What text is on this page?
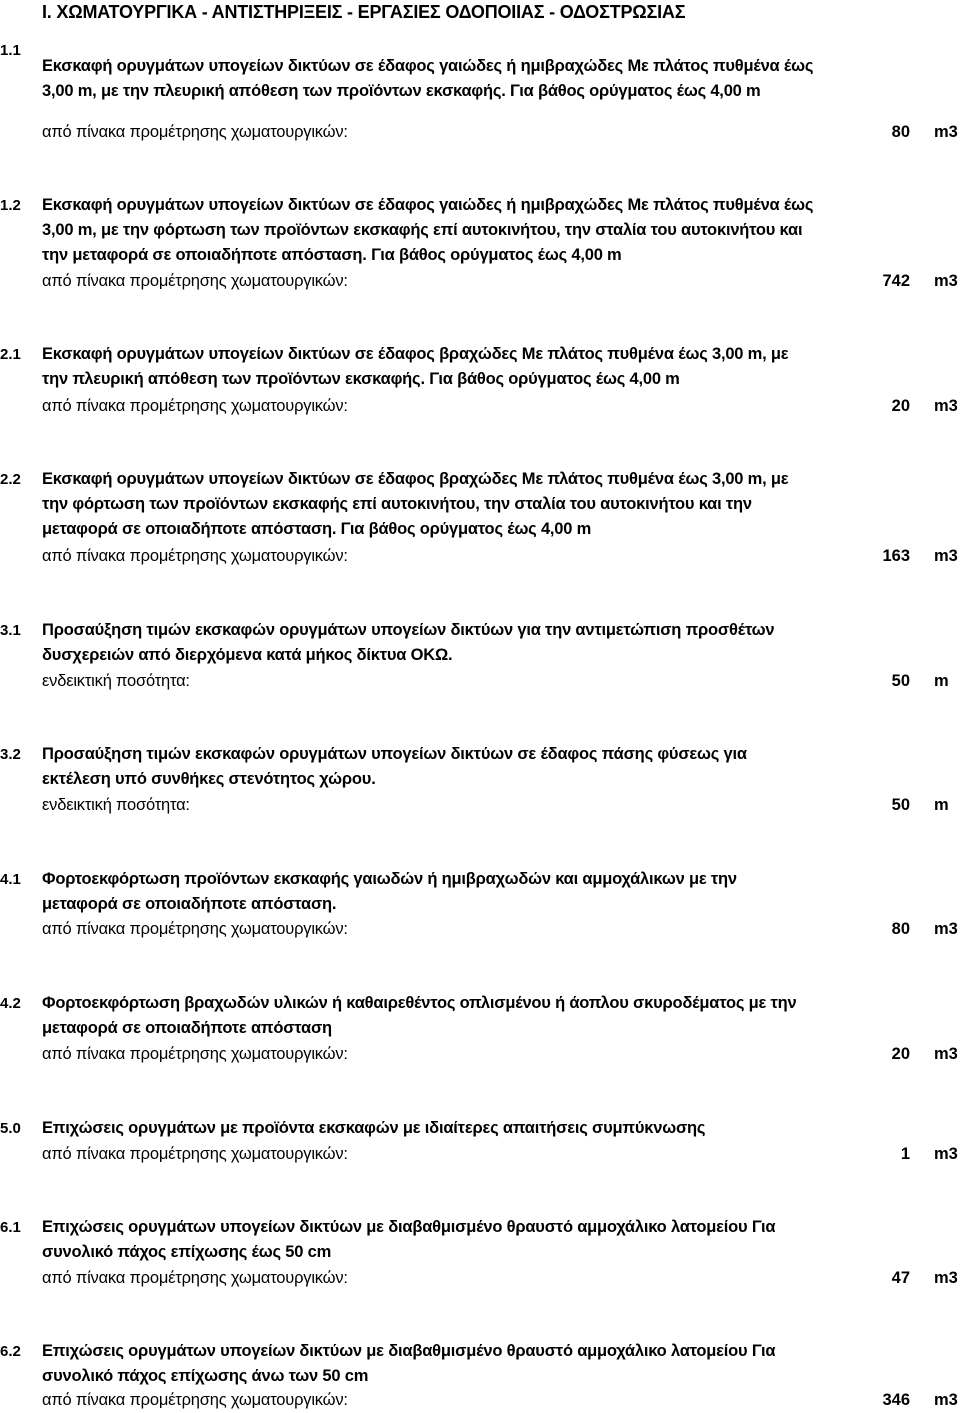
I. ΧΩΜΑΤΟΥΡΓΙΚΑ - ΑΝΤΙΣΤΗΡΙΞΕΙΣ - ΕΡΓΑΣΙΕΣ ΟΔΟΠΟΙΙΑΣ - ΟΔΟΣΤΡΩΣΙΑΣ
1.1
Εκσκαφή ορυγμάτων υπογείων δικτύων σε έδαφος γαιώδες ή ημιβραχώδες Με πλάτος πυθμένα έως
3,00 m, με την πλευρική απόθεση των προϊόντων εκσκαφής. Για βάθος ορύγματος έως 4,00 m
από πίνακα προμέτρησης χωματουργικών:	80 m3
1.2	Εκσκαφή ορυγμάτων υπογείων δικτύων σε έδαφος γαιώδες ή ημιβραχώδες Με πλάτος πυθμένα έως
3,00 m, με την φόρτωση των προϊόντων εκσκαφής επί αυτοκινήτου, την σταλία του αυτοκινήτου και
την μεταφορά σε οποιαδήποτε απόσταση. Για βάθος ορύγματος έως 4,00 m
από πίνακα προμέτρησης χωματουργικών:	742 m3
2.1	Εκσκαφή ορυγμάτων υπογείων δικτύων σε έδαφος βραχώδες Με πλάτος πυθμένα έως 3,00 m, με
την πλευρική απόθεση των προϊόντων εκσκαφής. Για βάθος ορύγματος έως 4,00 m
από πίνακα προμέτρησης χωματουργικών:	20 m3
2.2	Εκσκαφή ορυγμάτων υπογείων δικτύων σε έδαφος βραχώδες Με πλάτος πυθμένα έως 3,00 m, με
την φόρτωση των προϊόντων εκσκαφής επί αυτοκινήτου, την σταλία του αυτοκινήτου και την
μεταφορά σε οποιαδήποτε απόσταση. Για βάθος ορύγματος έως 4,00 m
από πίνακα προμέτρησης χωματουργικών:	163 m3
3.1	Προσαύξηση τιμών εκσκαφών ορυγμάτων υπογείων δικτύων για την αντιμετώπιση προσθέτων
δυσχερειών από διερχόμενα κατά μήκος δίκτυα ΟΚΩ.
ενδεικτική ποσότητα:	50 m
3.2	Προσαύξηση τιμών εκσκαφών ορυγμάτων υπογείων δικτύων σε έδαφος πάσης φύσεως για
εκτέλεση υπό συνθήκες στενότητος χώρου.
ενδεικτική ποσότητα:	50 m
4.1	Φορτοεκφόρτωση προϊόντων εκσκαφής γαιωδών ή ημιβραχωδών και αμμοχάλικων με την
μεταφορά σε οποιαδήποτε απόσταση.
από πίνακα προμέτρησης χωματουργικών:	80 m3
4.2	Φορτοεκφόρτωση βραχωδών υλικών ή καθαιρεθέντος οπλισμένου ή άοπλου σκυροδέματος με την
μεταφορά σε οποιαδήποτε απόσταση
από πίνακα προμέτρησης χωματουργικών:	20 m3
5.0	Επιχώσεις ορυγμάτων με προϊόντα εκσκαφών με ιδιαίτερες απαιτήσεις συμπύκνωσης
από πίνακα προμέτρησης χωματουργικών:	1 m3
6.1	Επιχώσεις ορυγμάτων υπογείων δικτύων με διαβαθμισμένο θραυστό αμμοχάλικο λατομείου Για
συνολικό πάχος επίχωσης έως 50 cm
από πίνακα προμέτρησης χωματουργικών:	47 m3
6.2	Επιχώσεις ορυγμάτων υπογείων δικτύων με διαβαθμισμένο θραυστό αμμοχάλικο λατομείου Για
συνολικό πάχος επίχωσης άνω των 50 cm
από πίνακα προμέτρησης χωματουργικών:	346 m3
